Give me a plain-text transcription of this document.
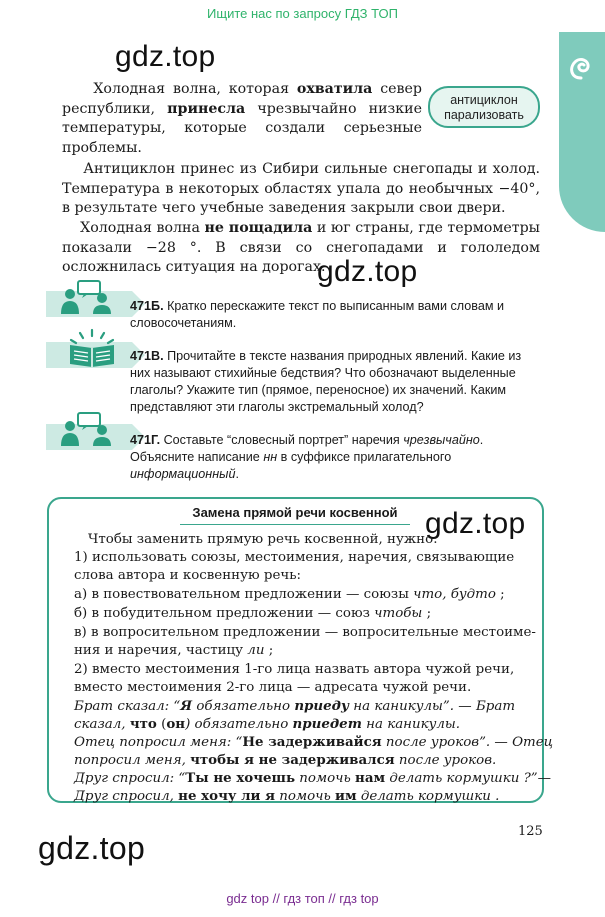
Ищите нас по запросу ГДЗ ТОП
gdz.top
gdz.top
gdz.top
gdz.top
антициклон
парализовать
Холодная волна, которая охватила север республики, принесла чрезвычайно низкие температуры, которые создали серьезные проблемы.
Антициклон принес из Сибири сильные снегопады и холод. Температура в некоторых областях упала до необычных −40°, в результате чего учебные заведения закрыли свои двери.
Холодная волна не пощадила и юг страны, где термометры показали −28 °. В связи со снегопадами и гололедом осложнилась ситуация на дорогах.
471Б. Кратко перескажите текст по выписанным вами словам и словосочетаниям.
471В. Прочитайте в тексте названия природных явлений. Какие из них называют стихийные бедствия? Что обозначают выделенные глаголы? Укажите тип (прямое, переносное) их значений. Каким представляют эти глаголы экстремальный холод?
471Г. Составьте “словесный портрет” наречия чрезвычайно. Объясните написание нн в суффиксе прилагательного информационный.
Замена прямой речи косвенной
Чтобы заменить прямую речь косвенной, нужно:
1) использовать союзы, местоимения, наречия, связывающие
слова автора и косвенную речь:
а) в повествовательном предложении — союзы что, будто ;
б) в побудительном предложении — союз чтобы ;
в) в вопросительном предложении — вопросительные местоиме-
ния и наречия, частицу ли ;
2) вместо местоимения 1-го лица назвать автора чужой речи,
вместо местоимения 2-го лица — адресата чужой речи.
Брат сказал: “Я обязательно приеду на каникулы”. — Брат
сказал, что (он) обязательно приедет на каникулы.
Отец попросил меня: “Не задерживайся после уроков”. — Отец
попросил меня, чтобы я не задерживался после уроков.
Друг спросил: “Ты не хочешь помочь нам делать кормушки ?”—
Друг спросил, не хочу ли я помочь им делать кормушки .
125
gdz top // гдз топ // гдз top
